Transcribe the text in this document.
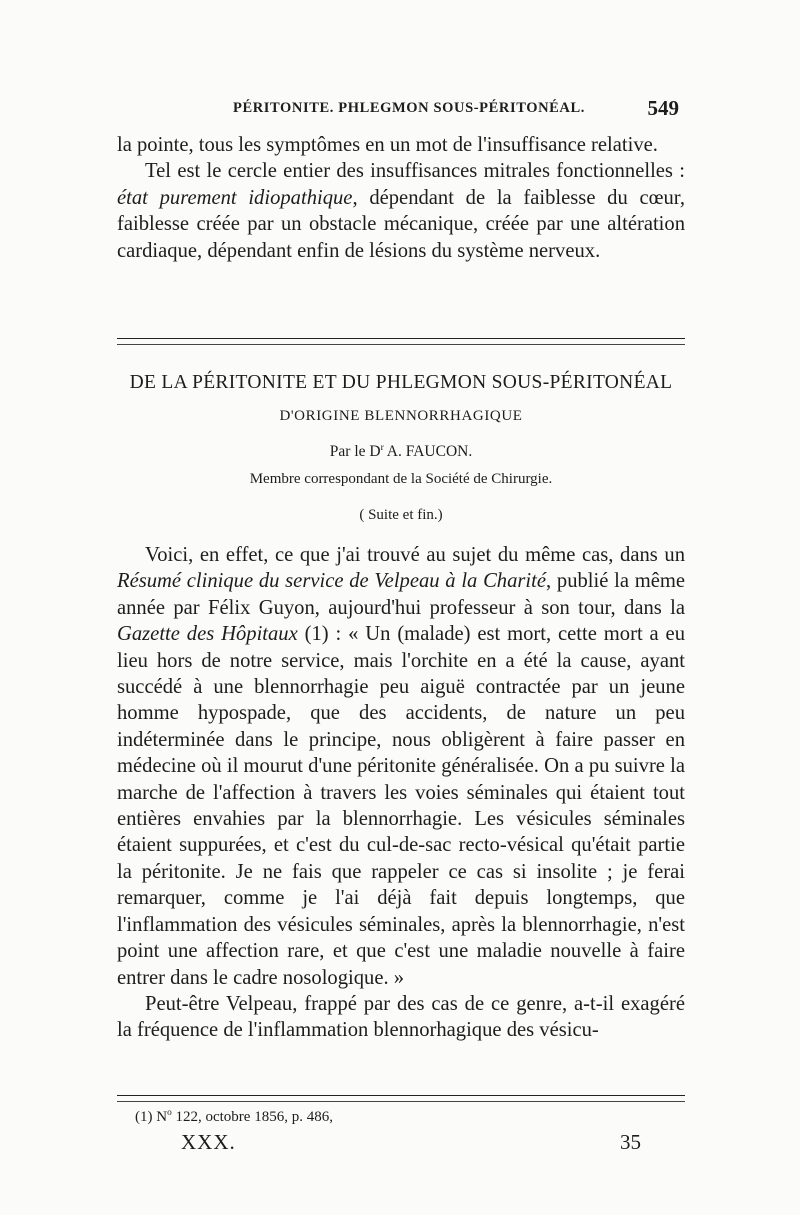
PÉRITONITE. PHLEGMON SOUS-PÉRITONÉAL.	549

la pointe, tous les symptômes en un mot de l'insuffisance relative.

Tel est le cercle entier des insuffisances mitrales fonctionnelles : état purement idiopathique, dépendant de la faiblesse du cœur, faiblesse créée par un obstacle mécanique, créée par une altération cardiaque, dépendant enfin de lésions du système nerveux.

DE LA PÉRITONITE ET DU PHLEGMON SOUS-PÉRITONÉAL
D'ORIGINE BLENNORRHAGIQUE
Par le $D^r$ A. FAUCON.
Membre correspondant de la Société de Chirurgie.
( Suite et fin.)

Voici, en effet, ce que j'ai trouvé au sujet du même cas, dans un Résumé clinique du service de Velpeau à la Charité, publié la même année par Félix Guyon, aujourd'hui professeur à son tour, dans la Gazette des Hôpitaux (1) : « Un (malade) est mort, cette mort a eu lieu hors de notre service, mais l'orchite en a été la cause, ayant succédé à une blennorrhagie peu aiguë contractée par un jeune homme hypospade, que des accidents, de nature un peu indéterminée dans le principe, nous obligèrent à faire passer en médecine où il mourut d'une péritonite généralisée. On a pu suivre la marche de l'affection à travers les voies séminales qui étaient tout entières envahies par la blennorrhagie. Les vésicules séminales étaient suppurées, et c'est du cul-de-sac recto-vésical qu'était partie la péritonite. Je ne fais que rappeler ce cas si insolite ; je ferai remarquer, comme je l'ai déjà fait depuis longtemps, que l'inflammation des vésicules séminales, après la blennorrhagie, n'est point une affection rare, et que c'est une maladie nouvelle à faire entrer dans le cadre nosologique. »

Peut-être Velpeau, frappé par des cas de ce genre, a-t-il exagéré la fréquence de l'inflammation blennorhagique des vésicu-

(1) $N^o$ 122, octobre 1856, p. 486,
XXX.	35
